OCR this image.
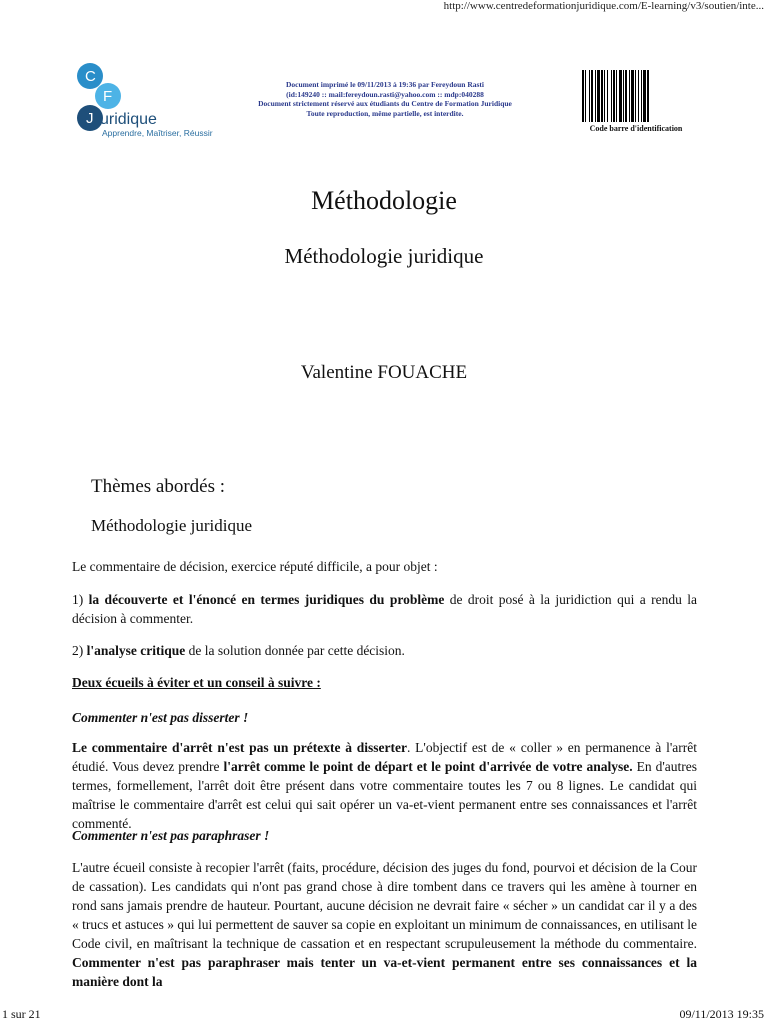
http://www.centredeformationjuridique.com/E-learning/v3/soutien/inte...
C
F
J uridique
Apprendre, Maîtriser, Réussir
Document imprimé le 09/11/2013 à 19:36 par Fereydoun Rasti
(id:149240 :: mail:fereydoun.rasti@yahoo.com :: mdp:040288
Document strictement réservé aux étudiants du Centre de Formation Juridique
Toute reproduction, même partielle, est interdite.
Code barre d'identification
Méthodologie
Méthodologie juridique
Valentine FOUACHE
Thèmes abordés :
Méthodologie juridique
Le commentaire de décision, exercice réputé difficile, a pour objet :
1) la découverte et l'énoncé en termes juridiques du problème de droit posé à la juridiction qui a rendu la décision à commenter.
2) l'analyse critique de la solution donnée par cette décision.
Deux écueils à éviter et un conseil à suivre :
Commenter n'est pas disserter !
Le commentaire d'arrêt n'est pas un prétexte à disserter. L'objectif est de « coller » en permanence à l'arrêt étudié. Vous devez prendre l'arrêt comme le point de départ et le point d'arrivée de votre analyse. En d'autres termes, formellement, l'arrêt doit être présent dans votre commentaire toutes les 7 ou 8 lignes. Le candidat qui maîtrise le commentaire d'arrêt est celui qui sait opérer un va-et-vient permanent entre ses connaissances et l'arrêt commenté.
Commenter n'est pas paraphraser !
L'autre écueil consiste à recopier l'arrêt (faits, procédure, décision des juges du fond, pourvoi et décision de la Cour de cassation). Les candidats qui n'ont pas grand chose à dire tombent dans ce travers qui les amène à tourner en rond sans jamais prendre de hauteur. Pourtant, aucune décision ne devrait faire « sécher » un candidat car il y a des « trucs et astuces » qui lui permettent de sauver sa copie en exploitant un minimum de connaissances, en utilisant le Code civil, en maîtrisant la technique de cassation et en respectant scrupuleusement la méthode du commentaire. Commenter n'est pas paraphraser mais tenter un va-et-vient permanent entre ses connaissances et la manière dont la
1 sur 21	09/11/2013 19:35
